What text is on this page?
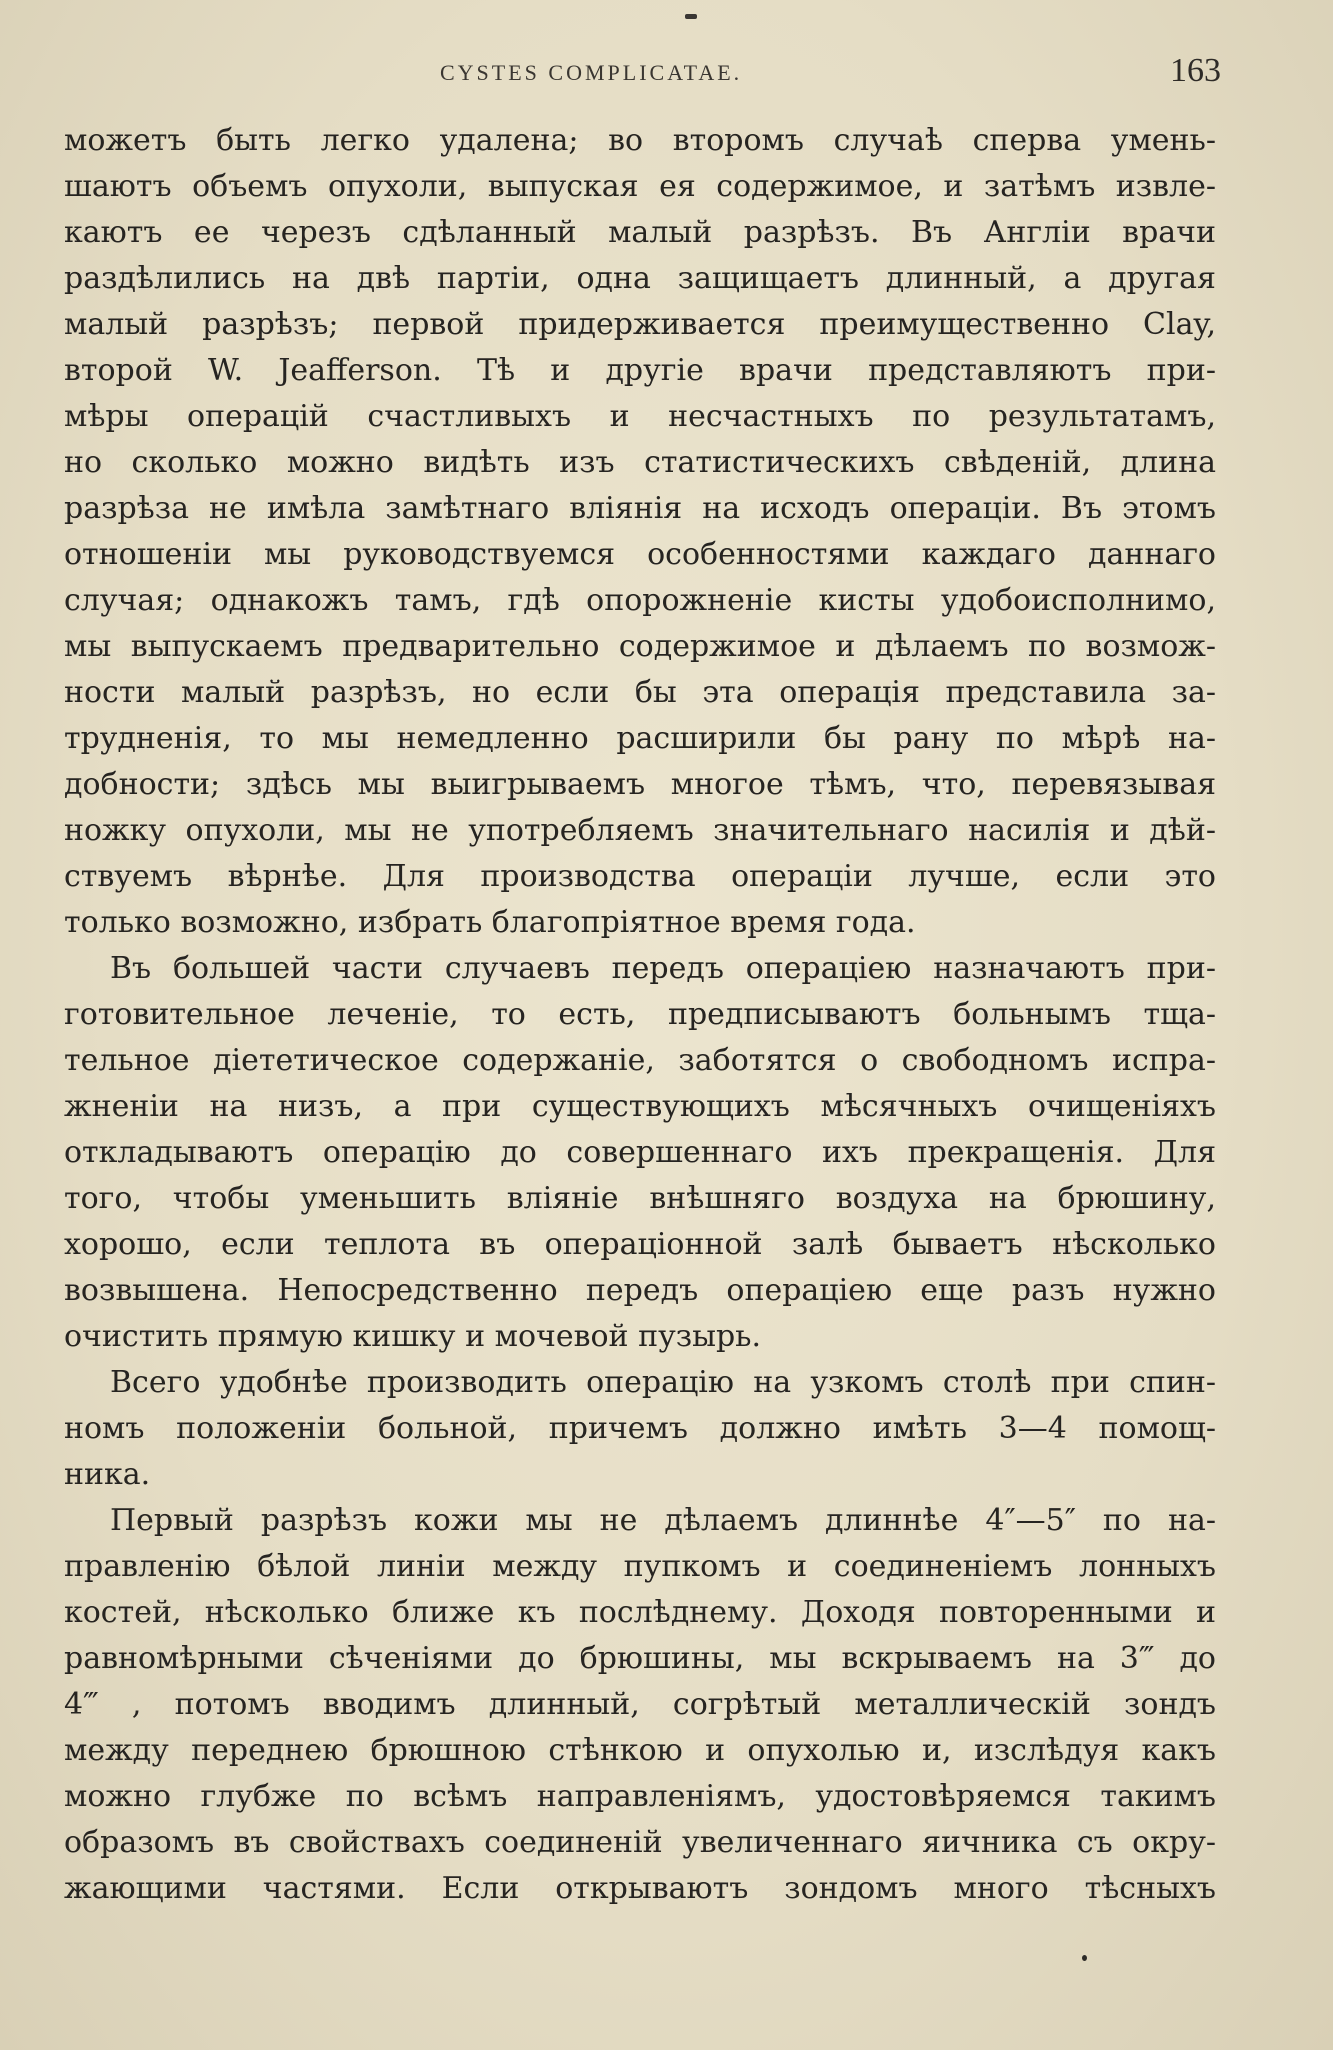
CYSTES COMPLICATAE.	163
можетъ быть легко удалена; во второмъ случаѣ сперва умень-
шаютъ объемъ опухоли, выпуская ея содержимое, и затѣмъ извле-
каютъ ее черезъ сдѣланный малый разрѣзъ. Въ Англіи врачи
раздѣлились на двѣ партіи, одна защищаетъ длинный, а другая
малый разрѣзъ; первой придерживается преимущественно Clay,
второй W. Jeafferson. Тѣ и другіе врачи представляютъ при-
мѣры операцій счастливыхъ и несчастныхъ по результатамъ,
но сколько можно видѣть изъ статистическихъ свѣденій, длина
разрѣза не имѣла замѣтнаго вліянія на исходъ операціи. Въ этомъ
отношеніи мы руководствуемся особенностями каждаго даннаго
случая; однакожъ тамъ, гдѣ опорожненіе кисты удобоисполнимо,
мы выпускаемъ предварительно содержимое и дѣлаемъ по возмож-
ности малый разрѣзъ, но если бы эта операція представила за-
трудненія, то мы немедленно расширили бы рану по мѣрѣ на-
добности; здѣсь мы выигрываемъ многое тѣмъ, что, перевязывая
ножку опухоли, мы не употребляемъ значительнаго насилія и дѣй-
ствуемъ вѣрнѣе. Для производства операціи лучше, если это
только возможно, избрать благопріятное время года.
Въ большей части случаевъ передъ операціею назначаютъ при-
готовительное леченіе, то есть, предписываютъ больнымъ тща-
тельное діететическое содержаніе, заботятся о свободномъ испра-
жненіи на низъ, а при существующихъ мѣсячныхъ очищеніяхъ
откладываютъ операцію до совершеннаго ихъ прекращенія. Для
того, чтобы уменьшить вліяніе внѣшняго воздуха на брюшину,
хорошо, если теплота въ операціонной залѣ бываетъ нѣсколько
возвышена. Непосредственно передъ операціею еще разъ нужно
очистить прямую кишку и мочевой пузырь.
Всего удобнѣе производить операцію на узкомъ столѣ при спин-
номъ положеніи больной, причемъ должно имѣть 3—4 помощ-
ника.
Первый разрѣзъ кожи мы не дѣлаемъ длиннѣе 4″—5″ по на-
правленію бѣлой линіи между пупкомъ и соединеніемъ лонныхъ
костей, нѣсколько ближе къ послѣднему. Доходя повторенными и
равномѣрными сѣченіями до брюшины, мы вскрываемъ на 3‴ до
4‴ , потомъ вводимъ длинный, согрѣтый металлическій зондъ
между переднею брюшною стѣнкою и опухолью и, изслѣдуя какъ
можно глубже по всѣмъ направленіямъ, удостовѣряемся такимъ
образомъ въ свойствахъ соединеній увеличеннаго яичника съ окру-
жающими частями. Если открываютъ зондомъ много тѣсныхъ
